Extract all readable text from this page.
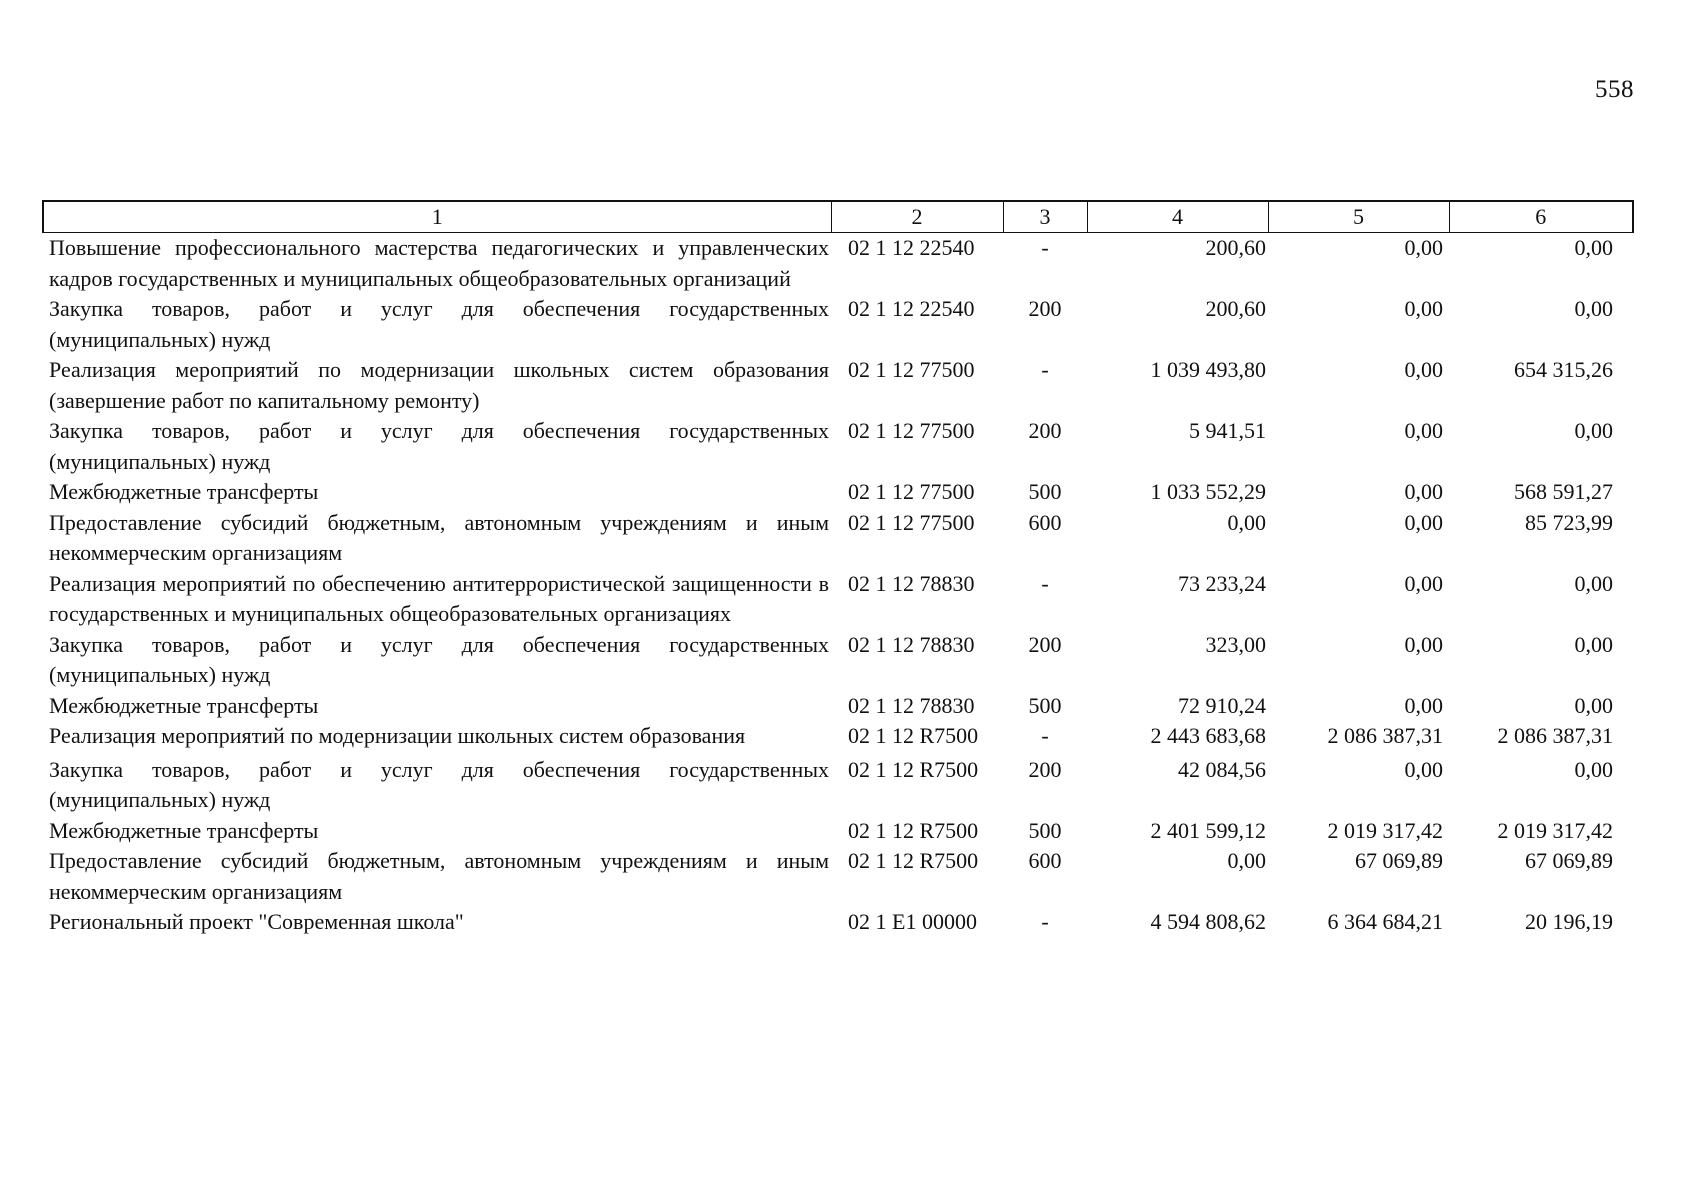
558
1	2	3	4	5	6
Повышение профессионального мастерства педагогических и управленческих кадров государственных и муниципальных общеобразовательных организаций	02 1 12 22540	-	200,60	0,00	0,00
Закупка товаров, работ и услуг для обеспечения государственных (муниципальных) нужд	02 1 12 22540	200	200,60	0,00	0,00
Реализация мероприятий по модернизации школьных систем образования (завершение работ по капитальному ремонту)	02 1 12 77500	-	1 039 493,80	0,00	654 315,26
Закупка товаров, работ и услуг для обеспечения государственных (муниципальных) нужд	02 1 12 77500	200	5 941,51	0,00	0,00
Межбюджетные трансферты	02 1 12 77500	500	1 033 552,29	0,00	568 591,27
Предоставление субсидий бюджетным, автономным учреждениям и иным некоммерческим организациям	02 1 12 77500	600	0,00	0,00	85 723,99
Реализация мероприятий по обеспечению антитеррористической защищенности в государственных и муниципальных общеобразовательных организациях	02 1 12 78830	-	73 233,24	0,00	0,00
Закупка товаров, работ и услуг для обеспечения государственных (муниципальных) нужд	02 1 12 78830	200	323,00	0,00	0,00
Межбюджетные трансферты	02 1 12 78830	500	72 910,24	0,00	0,00
Реализация мероприятий по модернизации школьных систем образования	02 1 12 R7500	-	2 443 683,68	2 086 387,31	2 086 387,31
Закупка товаров, работ и услуг для обеспечения государственных (муниципальных) нужд	02 1 12 R7500	200	42 084,56	0,00	0,00
Межбюджетные трансферты	02 1 12 R7500	500	2 401 599,12	2 019 317,42	2 019 317,42
Предоставление субсидий бюджетным, автономным учреждениям и иным некоммерческим организациям	02 1 12 R7500	600	0,00	67 069,89	67 069,89
Региональный проект "Современная школа"	02 1 E1 00000	-	4 594 808,62	6 364 684,21	20 196,19
